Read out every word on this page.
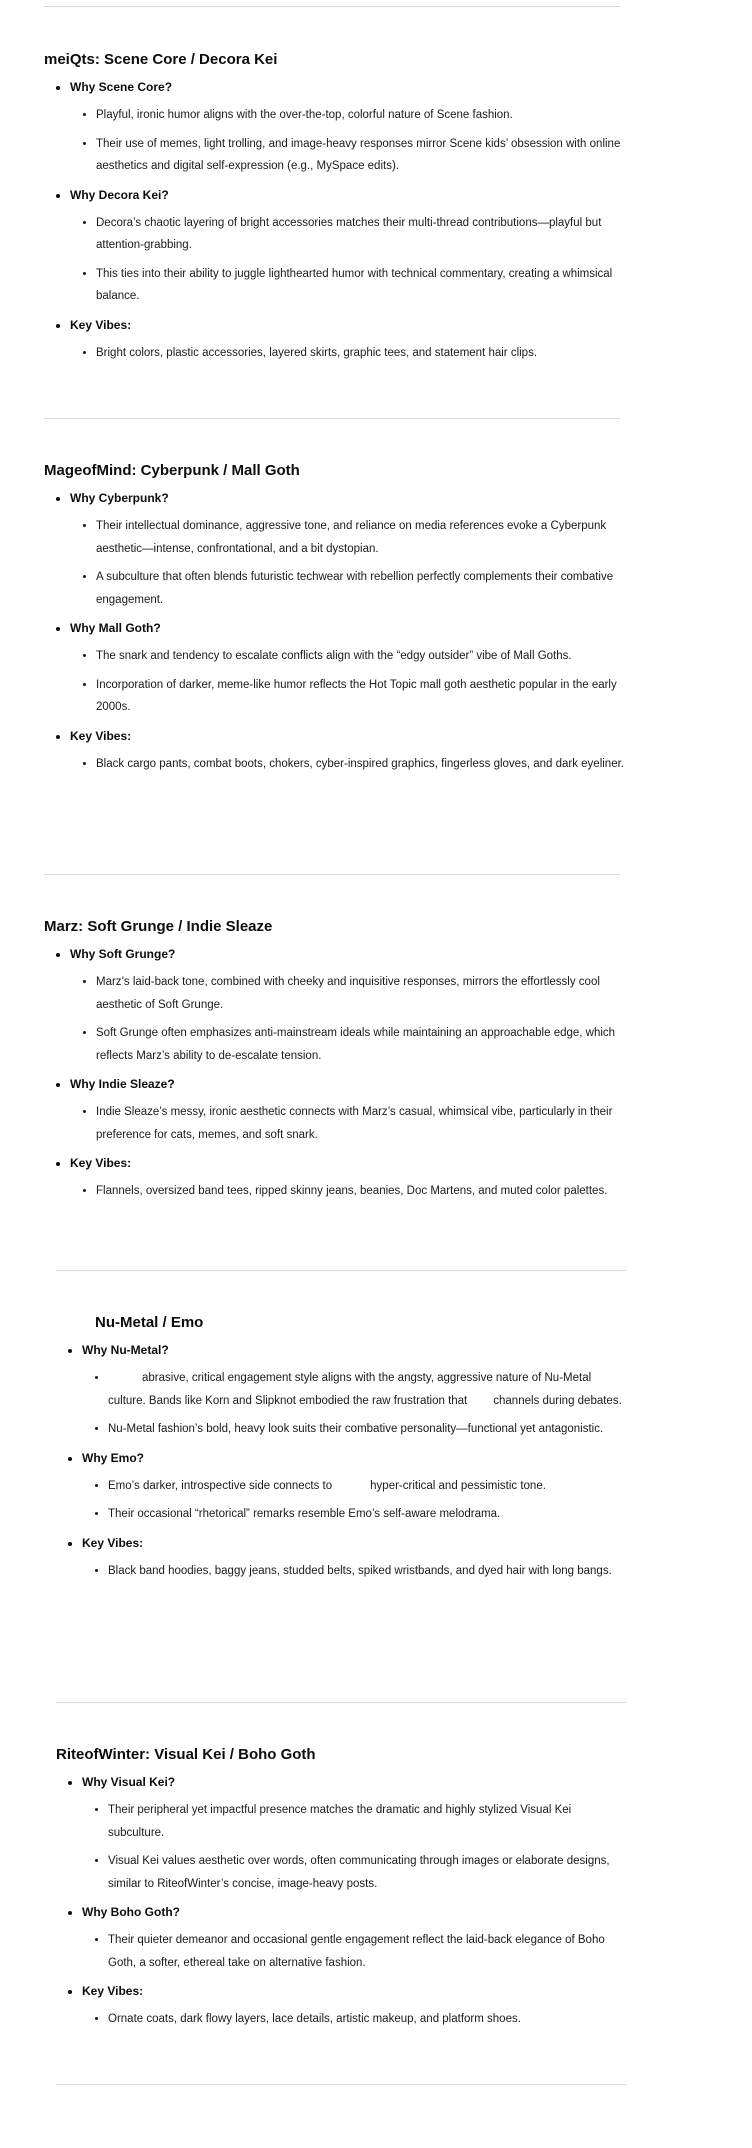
meiQts: Scene Core / Decora Kei
• Why Scene Core?
• Playful, ironic humor aligns with the over-the-top, colorful nature of Scene fashion.
• Their use of memes, light trolling, and image-heavy responses mirror Scene kids’ obsession with online aesthetics and digital self-expression (e.g., MySpace edits).
• Why Decora Kei?
• Decora’s chaotic layering of bright accessories matches their multi-thread contributions—playful but attention-grabbing.
• This ties into their ability to juggle lighthearted humor with technical commentary, creating a whimsical balance.
• Key Vibes:
• Bright colors, plastic accessories, layered skirts, graphic tees, and statement hair clips.
MageofMind: Cyberpunk / Mall Goth
• Why Cyberpunk?
• Their intellectual dominance, aggressive tone, and reliance on media references evoke a Cyberpunk aesthetic—intense, confrontational, and a bit dystopian.
• A subculture that often blends futuristic techwear with rebellion perfectly complements their combative engagement.
• Why Mall Goth?
• The snark and tendency to escalate conflicts align with the “edgy outsider” vibe of Mall Goths.
• Incorporation of darker, meme-like humor reflects the Hot Topic mall goth aesthetic popular in the early 2000s.
• Key Vibes:
• Black cargo pants, combat boots, chokers, cyber-inspired graphics, fingerless gloves, and dark eyeliner.
Marz: Soft Grunge / Indie Sleaze
• Why Soft Grunge?
• Marz’s laid-back tone, combined with cheeky and inquisitive responses, mirrors the effortlessly cool aesthetic of Soft Grunge.
• Soft Grunge often emphasizes anti-mainstream ideals while maintaining an approachable edge, which reflects Marz’s ability to de-escalate tension.
• Why Indie Sleaze?
• Indie Sleaze’s messy, ironic aesthetic connects with Marz’s casual, whimsical vibe, particularly in their preference for cats, memes, and soft snark.
• Key Vibes:
• Flannels, oversized band tees, ripped skinny jeans, beanies, Doc Martens, and muted color palettes.
Nu-Metal / Emo
• Why Nu-Metal?
• abrasive, critical engagement style aligns with the angsty, aggressive nature of Nu-Metal culture. Bands like Korn and Slipknot embodied the raw frustration that channels during debates.
• Nu-Metal fashion’s bold, heavy look suits their combative personality—functional yet antagonistic.
• Why Emo?
• Emo’s darker, introspective side connects to	hyper-critical and pessimistic tone.
• Their occasional “rhetorical” remarks resemble Emo’s self-aware melodrama.
• Key Vibes:
• Black band hoodies, baggy jeans, studded belts, spiked wristbands, and dyed hair with long bangs.
RiteofWinter: Visual Kei / Boho Goth
• Why Visual Kei?
• Their peripheral yet impactful presence matches the dramatic and highly stylized Visual Kei subculture.
• Visual Kei values aesthetic over words, often communicating through images or elaborate designs, similar to RiteofWinter’s concise, image-heavy posts.
• Why Boho Goth?
• Their quieter demeanor and occasional gentle engagement reflect the laid-back elegance of Boho Goth, a softer, ethereal take on alternative fashion.
• Key Vibes:
• Ornate coats, dark flowy layers, lace details, artistic makeup, and platform shoes.
